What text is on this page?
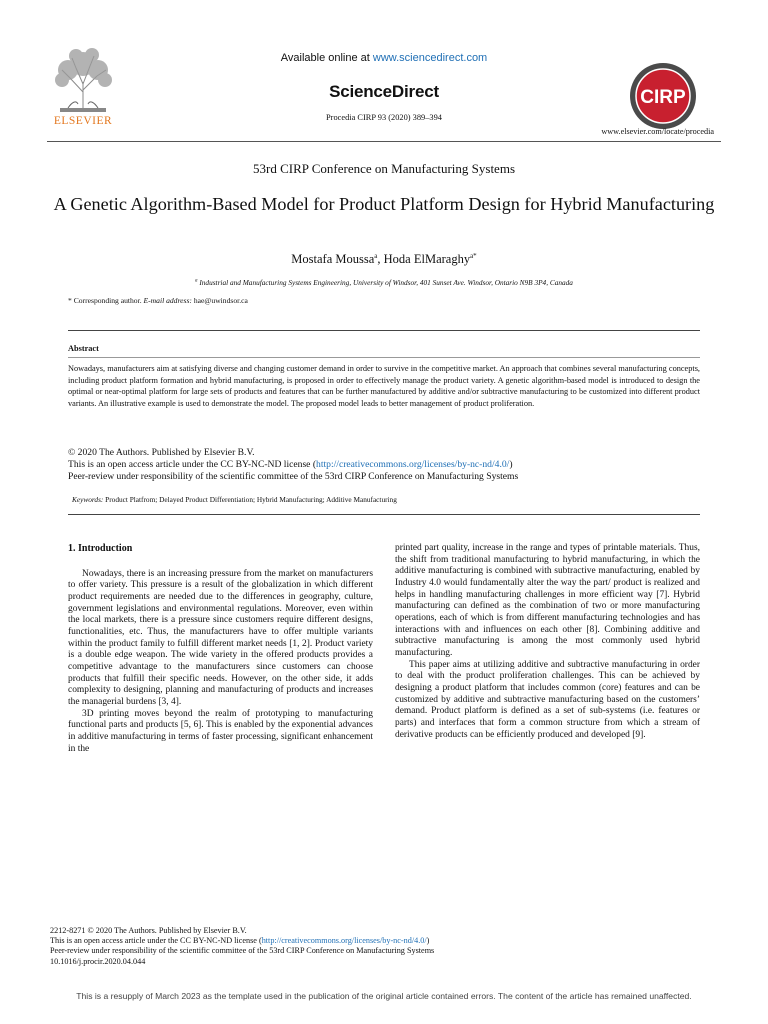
ELSEVIER
Available online at www.sciencedirect.com
ScienceDirect
Procedia CIRP 93 (2020) 389–394
CIRP
www.elsevier.com/locate/procedia
53rd CIRP Conference on Manufacturing Systems
A Genetic Algorithm-Based Model for Product Platform Design for Hybrid Manufacturing
Mostafa Moussa$^a$, Hoda ElMaraghy$^{a*}$
$^a$ Industrial and Manufacturing Systems Engineering, University of Windsor, 401 Sunset Ave. Windsor, Ontario N9B 3P4, Canada
* Corresponding author. E-mail address: hae@uwindsor.ca
Abstract
Nowadays, manufacturers aim at satisfying diverse and changing customer demand in order to survive in the competitive market. An approach that combines several manufacturing concepts, including product platform formation and hybrid manufacturing, is proposed in order to effectively manage the product variety. A genetic algorithm-based model is introduced to design the optimal or near-optimal platform for large sets of products and features that can be further manufactured by additive and/or subtractive manufacturing to be customized into different product variants. An illustrative example is used to demonstrate the model. The proposed model leads to better management of product proliferation.
© 2020 The Authors. Published by Elsevier B.V.
This is an open access article under the CC BY-NC-ND license (http://creativecommons.org/licenses/by-nc-nd/4.0/)
Peer-review under responsibility of the scientific committee of the 53rd CIRP Conference on Manufacturing Systems
Keywords: Product Platfrom; Delayed Product Differentiation; Hybrid Manufacturing; Additive Manufacturing
1. Introduction

Nowadays, there is an increasing pressure from the market on manufacturers to offer variety. This pressure is a result of the globalization in which different product requirements are needed due to the differences in geography, culture, government legislations and environmental regulations. Moreover, even within the local markets, there is a pressure since customers require different designs, functionalities, etc. Thus, the manufacturers have to offer multiple variants within the product family to fulfill different market needs [1, 2]. Product variety is a double edge weapon. The wide variety in the offered products provides a competitive advantage to the manufacturers since customers can choose products that fulfill their specific needs. However, on the other side, it adds complexity to designing, planning and manufacturing of products and increases the managerial burdens [3, 4].

3D printing moves beyond the realm of prototyping to manufacturing functional parts and products [5, 6]. This is enabled by the exponential advances in additive manufacturing in terms of faster processing, significant enhancement in the

printed part quality, increase in the range and types of printable materials. Thus, the shift from traditional manufacturing to hybrid manufacturing, in which the additive manufacturing is combined with subtractive manufacturing, enabled by Industry 4.0 would fundamentally alter the way the part/ product is realized and helps in handling manufacturing challenges in more efficient way [7]. Hybrid manufacturing can defined as the combination of two or more manufacturing operations, each of which is from different manufacturing technologies and has interactions with and influences on each other [8]. Combining additive and subtractive manufacturing is among the most commonly used hybrid manufacturing.

This paper aims at utilizing additive and subtractive manufacturing in order to deal with the product proliferation challenges. This can be achieved by designing a product platform that includes common (core) features and can be customized by additive and subtractive manufacturing based on the customers’ demand. Product platform is defined as a set of sub-systems (i.e. features or parts) and interfaces that form a common structure from which a stream of derivative products can be efficiently produced and developed [9].

2212-8271 © 2020 The Authors. Published by Elsevier B.V.
This is an open access article under the CC BY-NC-ND license (http://creativecommons.org/licenses/by-nc-nd/4.0/)
Peer-review under responsibility of the scientific committee of the 53rd CIRP Conference on Manufacturing Systems
10.1016/j.procir.2020.04.044
This is a resupply of March 2023 as the template used in the publication of the original article contained errors. The content of the article has remained unaffected.
